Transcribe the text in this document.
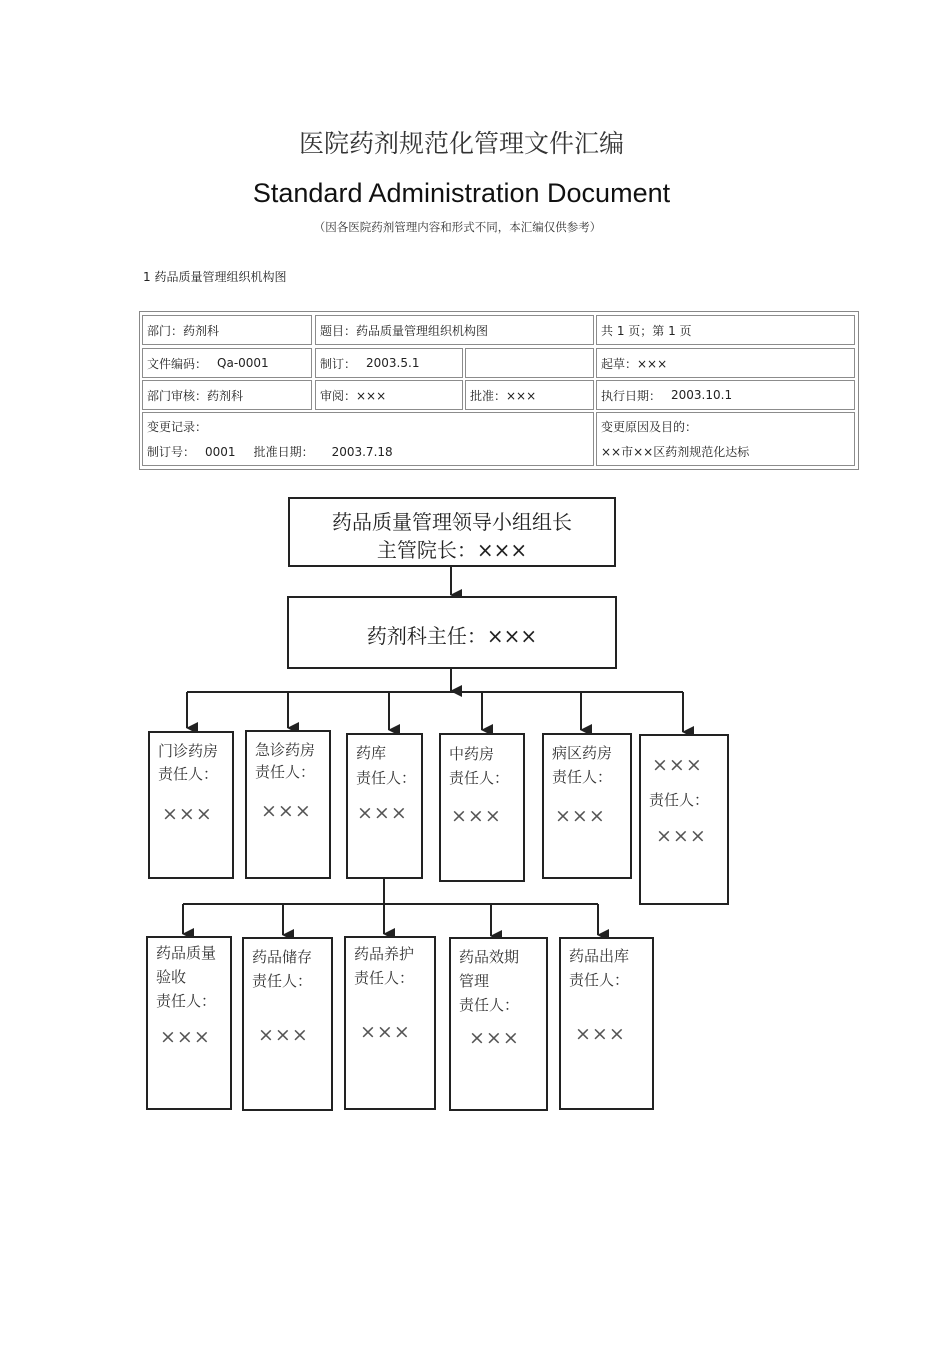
医院药剂规范化管理文件汇编
Standard Administration Document
（因各医院药剂管理内容和形式不同，本汇编仅供参考）
1 药品质量管理组织机构图
部门：药剂科	题目：药品质量管理组织机构图	共 1 页；第 1 页
文件编码： Qa-0001	制订： 2003.5.1	起草：×××
部门审核：药剂科	审阅：×××	批准：×××	执行日期： 2003.10.1
变更记录：
制订号： 0001 批准日期： 2003.7.18
变更原因及目的：
××市××区药剂规范化达标
药品质量管理领导小组组长
主管院长：×××
药剂科主任：×××
门诊药房
责任人：
×××
急诊药房
责任人：
×××
药库
责任人：
×××
中药房
责任人：
×××
病区药房
责任人：
×××
×××
责任人：
×××
药品质量
验收
责任人：
×××
药品储存
责任人：
×××
药品养护
责任人：
×××
药品效期
管理
责任人：
×××
药品出库
责任人：
×××
